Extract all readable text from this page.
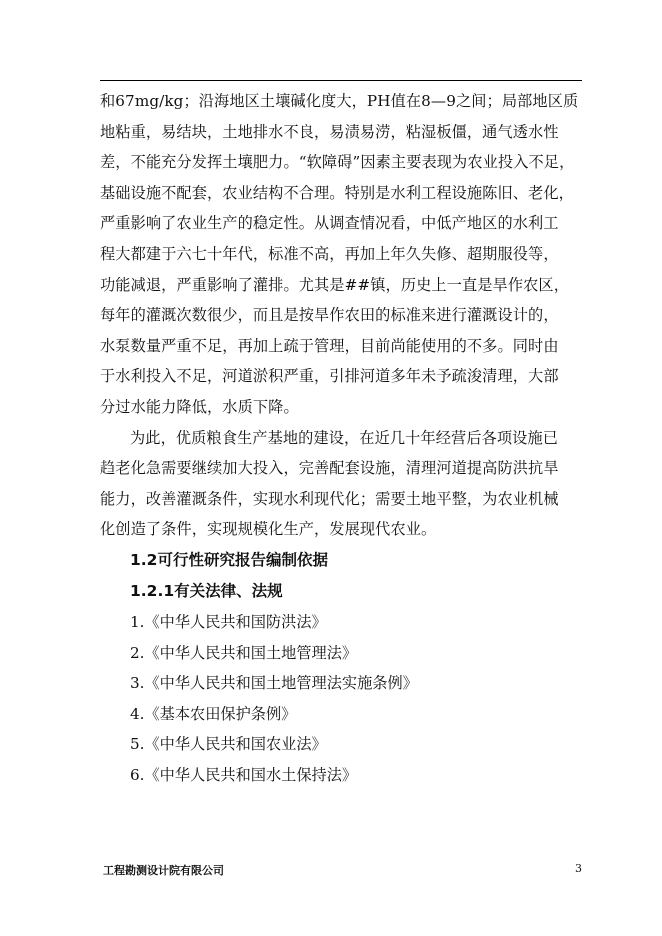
和67mg/kg；沿海地区土壤碱化度大，PH值在8—9之间；局部地区质
地粘重，易结块，土地排水不良，易渍易涝，粘湿板僵，通气透水性
差，不能充分发挥土壤肥力。“软障碍”因素主要表现为农业投入不足，
基础设施不配套，农业结构不合理。特别是水利工程设施陈旧、老化，
严重影响了农业生产的稳定性。从调查情况看，中低产地区的水利工
程大都建于六七十年代，标准不高，再加上年久失修、超期服役等，
功能减退，严重影响了灌排。尤其是##镇，历史上一直是旱作农区，
每年的灌溉次数很少，而且是按旱作农田的标准来进行灌溉设计的，
水泵数量严重不足，再加上疏于管理，目前尚能使用的不多。同时由
于水利投入不足，河道淤积严重，引排河道多年未予疏浚清理，大部
分过水能力降低，水质下降。
为此，优质粮食生产基地的建设，在近几十年经营后各项设施已
趋老化急需要继续加大投入，完善配套设施，清理河道提高防洪抗旱
能力，改善灌溉条件，实现水利现代化；需要土地平整，为农业机械
化创造了条件，实现规模化生产，发展现代农业。
1.2可行性研究报告编制依据
1.2.1有关法律、法规
1.《中华人民共和国防洪法》
2.《中华人民共和国土地管理法》
3.《中华人民共和国土地管理法实施条例》
4.《基本农田保护条例》
5.《中华人民共和国农业法》
6.《中华人民共和国水土保持法》
工程勘测设计院有限公司	3
